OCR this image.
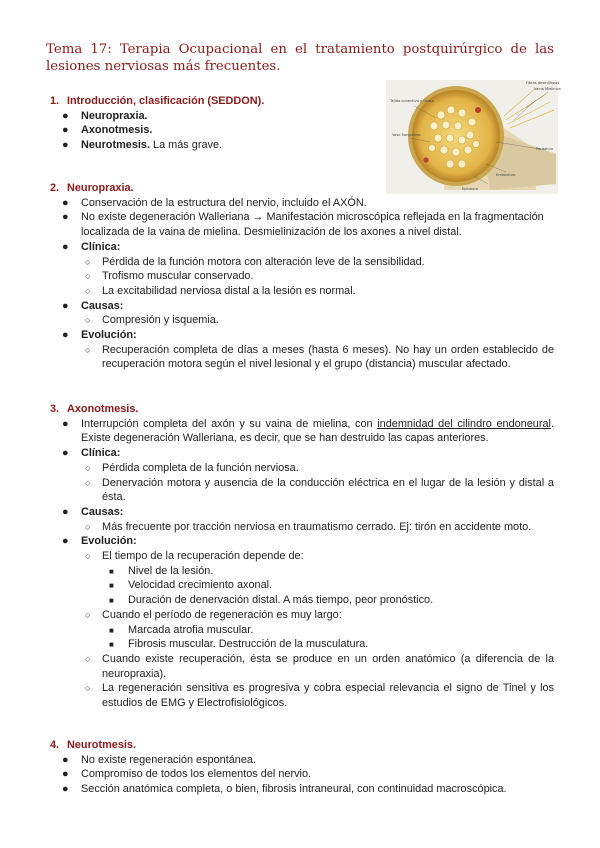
Tema 17: Terapia Ocupacional en el tratamiento postquirúrgico de las lesiones nerviosas más frecuentes.
Tejido conectivo y Grasa
Vaso Sanguíneo
Fibras desmilíneas
Vaina Mielínica
Perineuro
Endoneuro
Epineuro
1. Introducción, clasificación (SEDDON).
● Neuropraxia.
● Axonotmesis.
● Neurotmesis. La más grave.
2. Neuropraxia.
● Conservación de la estructura del nervio, incluido el AXÓN.
● No existe degeneración Walleriana → Manifestación microscópica reflejada en la fragmentación localizada de la vaina de mielina. Desmielinización de los axones a nivel distal.
● Clínica:
○ Pérdida de la función motora con alteración leve de la sensibilidad.
○ Trofismo muscular conservado.
○ La excitabilidad nerviosa distal a la lesión es normal.
● Causas:
○ Compresión y isquemia.
● Evolución:
○ Recuperación completa de días a meses (hasta 6 meses). No hay un orden establecido de recuperación motora según el nivel lesional y el grupo (distancia) muscular afectado.
3. Axonotmesis.
● Interrupción completa del axón y su vaina de mielina, con indemnidad del cilindro endoneural. Existe degeneración Walleriana, es decir, que se han destruido las capas anteriores.
● Clínica:
○ Pérdida completa de la función nerviosa.
○ Denervación motora y ausencia de la conducción eléctrica en el lugar de la lesión y distal a ésta.
● Causas:
○ Más frecuente por tracción nerviosa en traumatismo cerrado. Ej: tirón en accidente moto.
● Evolución:
○ El tiempo de la recuperación depende de:
■ Nivel de la lesión.
■ Velocidad crecimiento axonal.
■ Duración de denervación distal. A más tiempo, peor pronóstico.
○ Cuando el período de regeneración es muy largo:
■ Marcada atrofia muscular.
■ Fibrosis muscular. Destrucción de la musculatura.
○ Cuando existe recuperación, ésta se produce en un orden anatómico (a diferencia de la neuropraxia).
○ La regeneración sensitiva es progresiva y cobra especial relevancia el signo de Tinel y los estudios de EMG y Electrofisiológicos.
4. Neurotmesis.
● No existe regeneración espontánea.
● Compromiso de todos los elementos del nervio.
● Sección anatómica completa, o bien, fibrosis intraneural, con continuidad macroscópica.
